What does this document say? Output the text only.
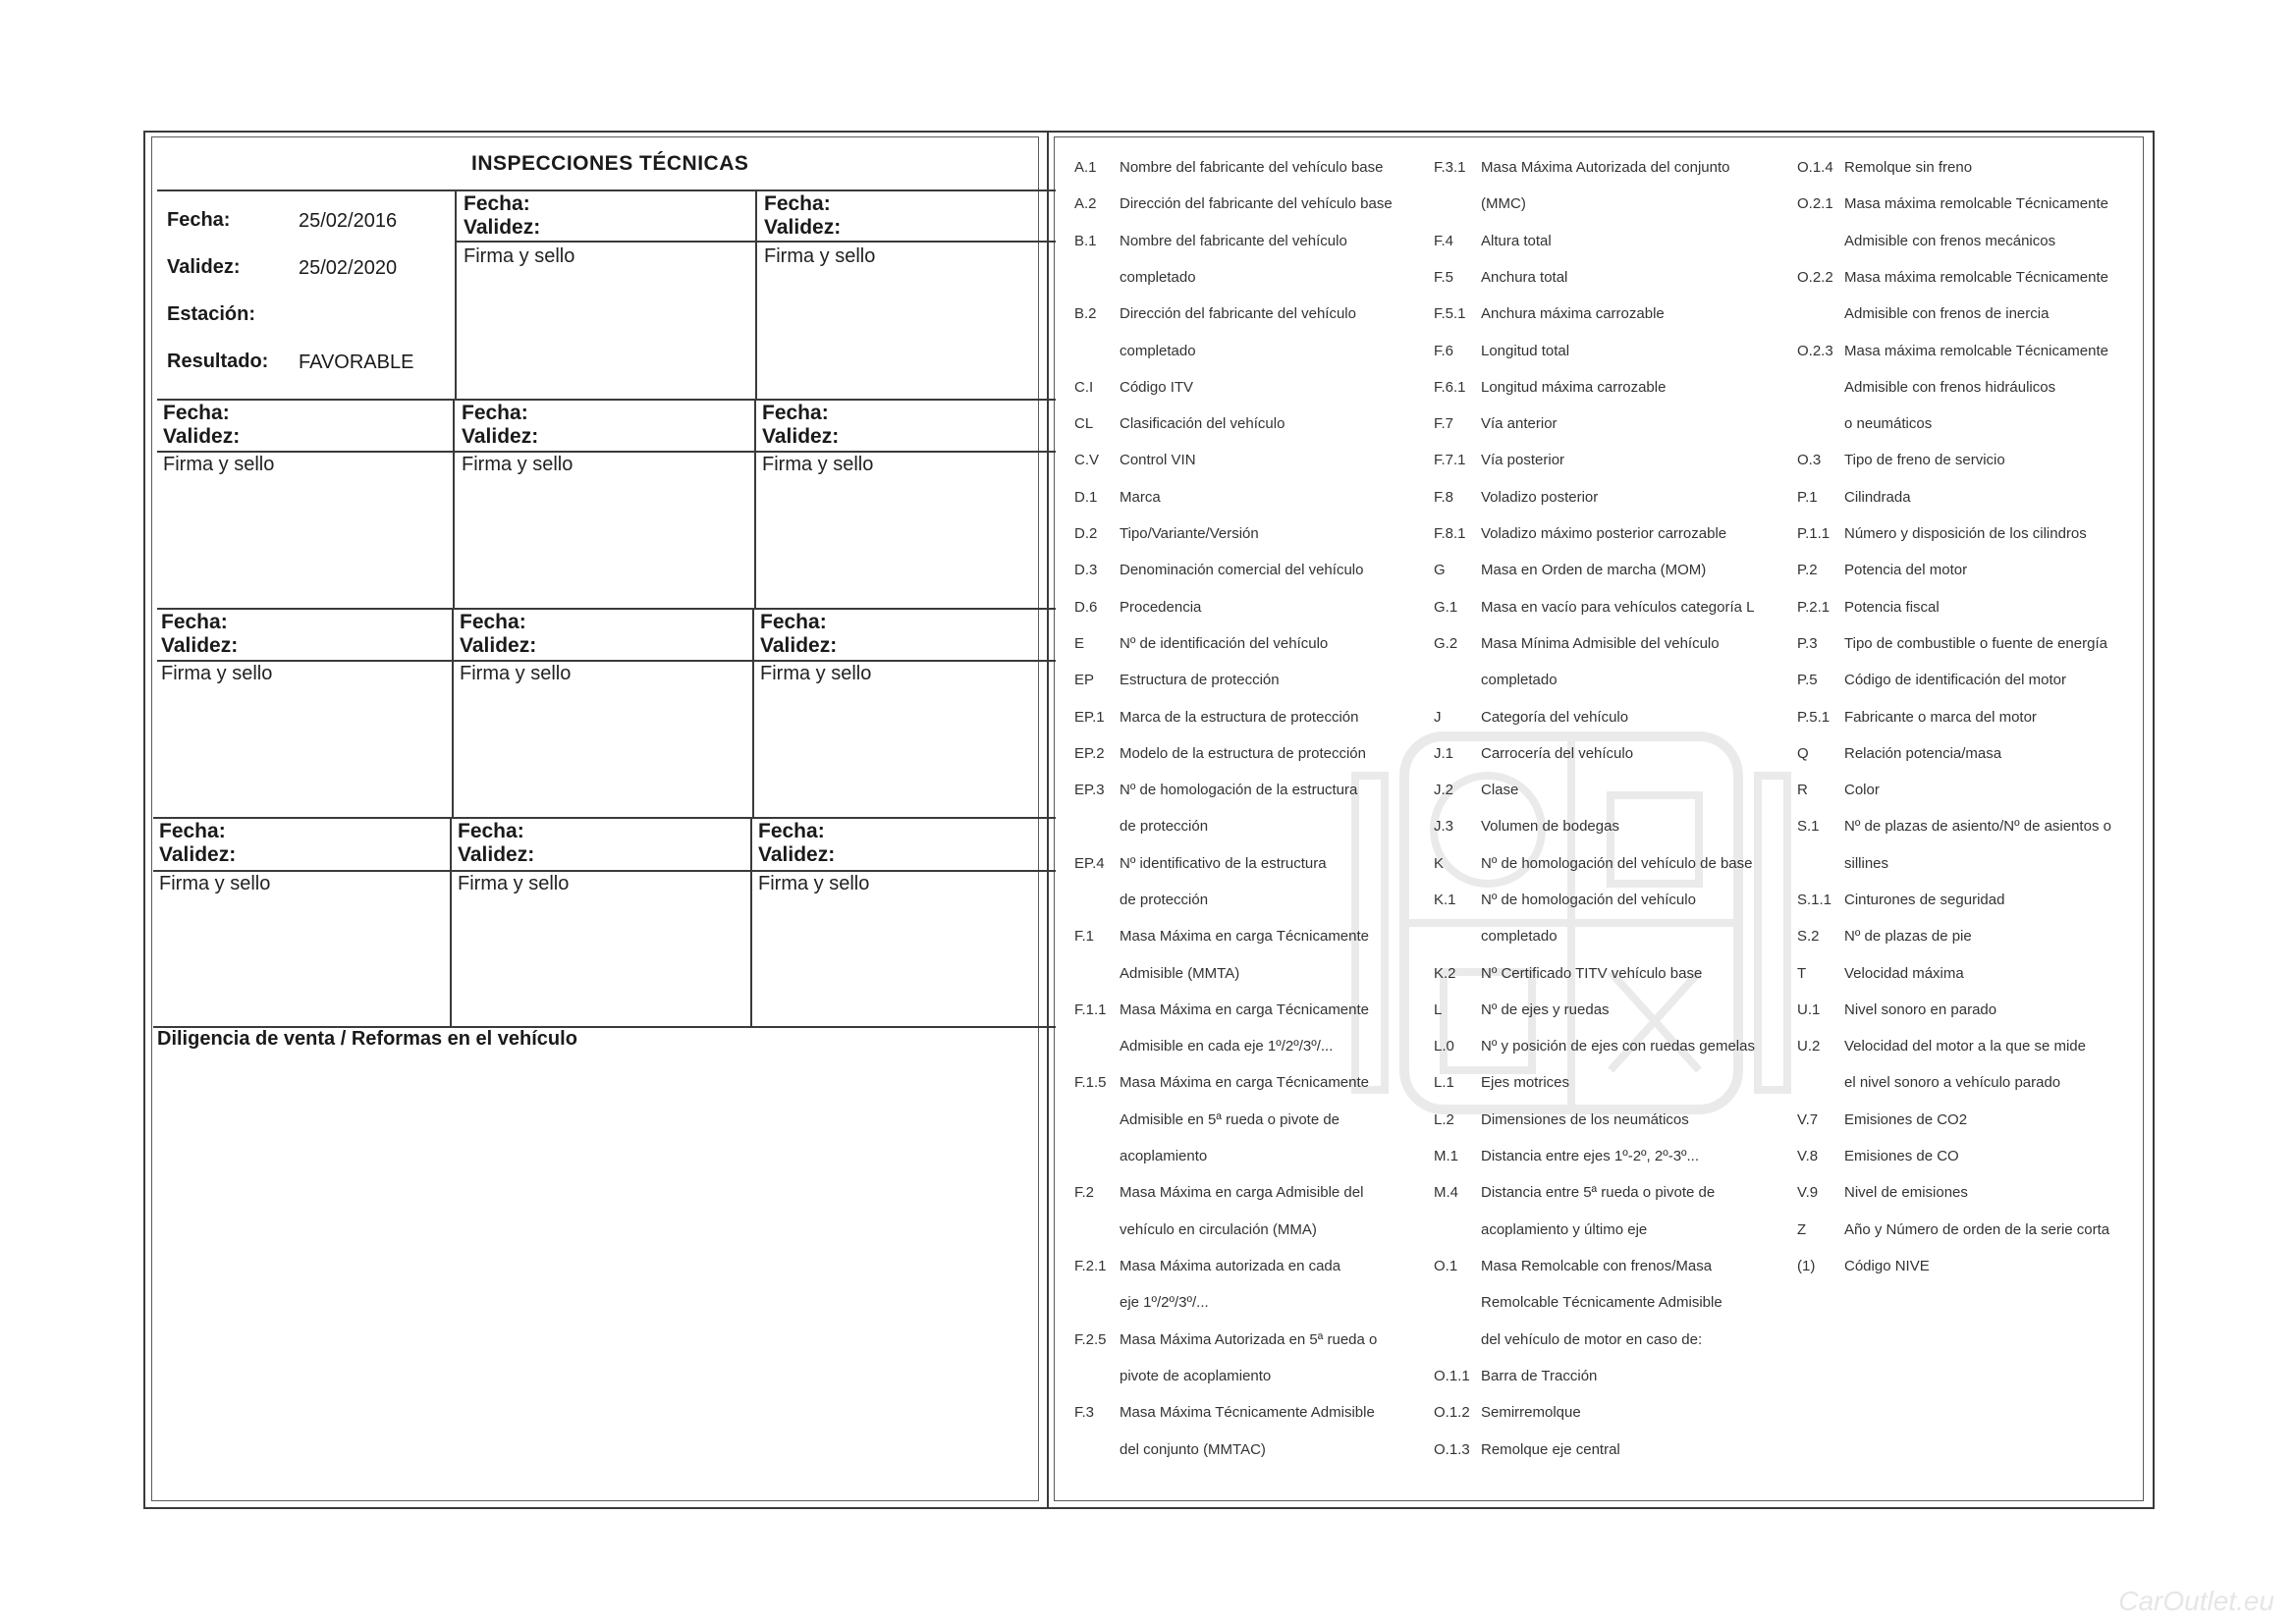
INSPECCIONES TÉCNICAS
Fecha:	25/02/2016
Validez:	25/02/2020
Estación:
Resultado: FAVORABLE
Fecha:
Validez:
Firma y sello
Fecha:
Validez:
Firma y sello
Fecha:
Validez:
Firma y sello
Fecha:
Validez:
Firma y sello
Fecha:
Validez:
Firma y sello
Fecha:
Validez:
Firma y sello
Fecha:
Validez:
Firma y sello
Fecha:
Validez:
Firma y sello
Fecha:
Validez:
Firma y sello
Fecha:
Validez:
Firma y sello
Fecha:
Validez:
Firma y sello
Diligencia de venta / Reformas en el vehículo
A.1 Nombre del fabricante del vehículo base
A.2 Dirección del fabricante del vehículo base
B.1 Nombre del fabricante del vehículo
completado
B.2 Dirección del fabricante del vehículo
completado
C.I Código ITV
CL Clasificación del vehículo
C.V Control VIN
D.1 Marca
D.2 Tipo/Variante/Versión
D.3 Denominación comercial del vehículo
D.6 Procedencia
E Nº de identificación del vehículo
EP Estructura de protección
EP.1 Marca de la estructura de protección
EP.2 Modelo de la estructura de protección
EP.3 Nº de homologación de la estructura
de protección
EP.4 Nº identificativo de la estructura
de protección
F.1 Masa Máxima en carga Técnicamente
Admisible (MMTA)
F.1.1 Masa Máxima en carga Técnicamente
Admisible en cada eje 1º/2º/3º/...
F.1.5 Masa Máxima en carga Técnicamente
Admisible en 5ª rueda o pivote de
acoplamiento
F.2 Masa Máxima en carga Admisible del
vehículo en circulación (MMA)
F.2.1 Masa Máxima autorizada en cada
eje 1º/2º/3º/...
F.2.5 Masa Máxima Autorizada en 5ª rueda o
pivote de acoplamiento
F.3 Masa Máxima Técnicamente Admisible
del conjunto (MMTAC)
F.3.1 Masa Máxima Autorizada del conjunto
(MMC)
F.4 Altura total
F.5 Anchura total
F.5.1 Anchura máxima carrozable
F.6 Longitud total
F.6.1 Longitud máxima carrozable
F.7 Vía anterior
F.7.1 Vía posterior
F.8 Voladizo posterior
F.8.1 Voladizo máximo posterior carrozable
G Masa en Orden de marcha (MOM)
G.1 Masa en vacío para vehículos categoría L
G.2 Masa Mínima Admisible del vehículo
completado
J	Categoría del vehículo
J.1 Carrocería del vehículo
J.2 Clase
J.3 Volumen de bodegas
K	Nº de homologación del vehículo de base
K.1 Nº de homologación del vehículo
completado
K.2 Nº Certificado TITV vehículo base
L	Nº de ejes y ruedas
L.0 Nº y posición de ejes con ruedas gemelas
L.1 Ejes motrices
L.2 Dimensiones de los neumáticos
M.1 Distancia entre ejes 1º-2º, 2º-3º...
M.4 Distancia entre 5ª rueda o pivote de
acoplamiento y último eje
O.1 Masa Remolcable con frenos/Masa
Remolcable Técnicamente Admisible
del vehículo de motor en caso de:
O.1.1 Barra de Tracción
O.1.2 Semirremolque
O.1.3 Remolque eje central
O.1.4 Remolque sin freno
O.2.1 Masa máxima remolcable Técnicamente
Admisible con frenos mecánicos
O.2.2 Masa máxima remolcable Técnicamente
Admisible con frenos de inercia
O.2.3 Masa máxima remolcable Técnicamente
Admisible con frenos hidráulicos
o neumáticos
O.3 Tipo de freno de servicio
P.1 Cilindrada
P.1.1 Número y disposición de los cilindros
P.2 Potencia del motor
P.2.1 Potencia fiscal
P.3 Tipo de combustible o fuente de energía
P.5 Código de identificación del motor
P.5.1 Fabricante o marca del motor
Q Relación potencia/masa
R Color
S.1 Nº de plazas de asiento/Nº de asientos o
sillines
S.1.1 Cinturones de seguridad
S.2 Nº de plazas de pie
T	Velocidad máxima
U.1 Nivel sonoro en parado
U.2 Velocidad del motor a la que se mide
el nivel sonoro a vehículo parado
V.7 Emisiones de CO2
V.8 Emisiones de CO
V.9 Nivel de emisiones
Z	Año y Número de orden de la serie corta
(1) Código NIVE
CarOutlet.eu
